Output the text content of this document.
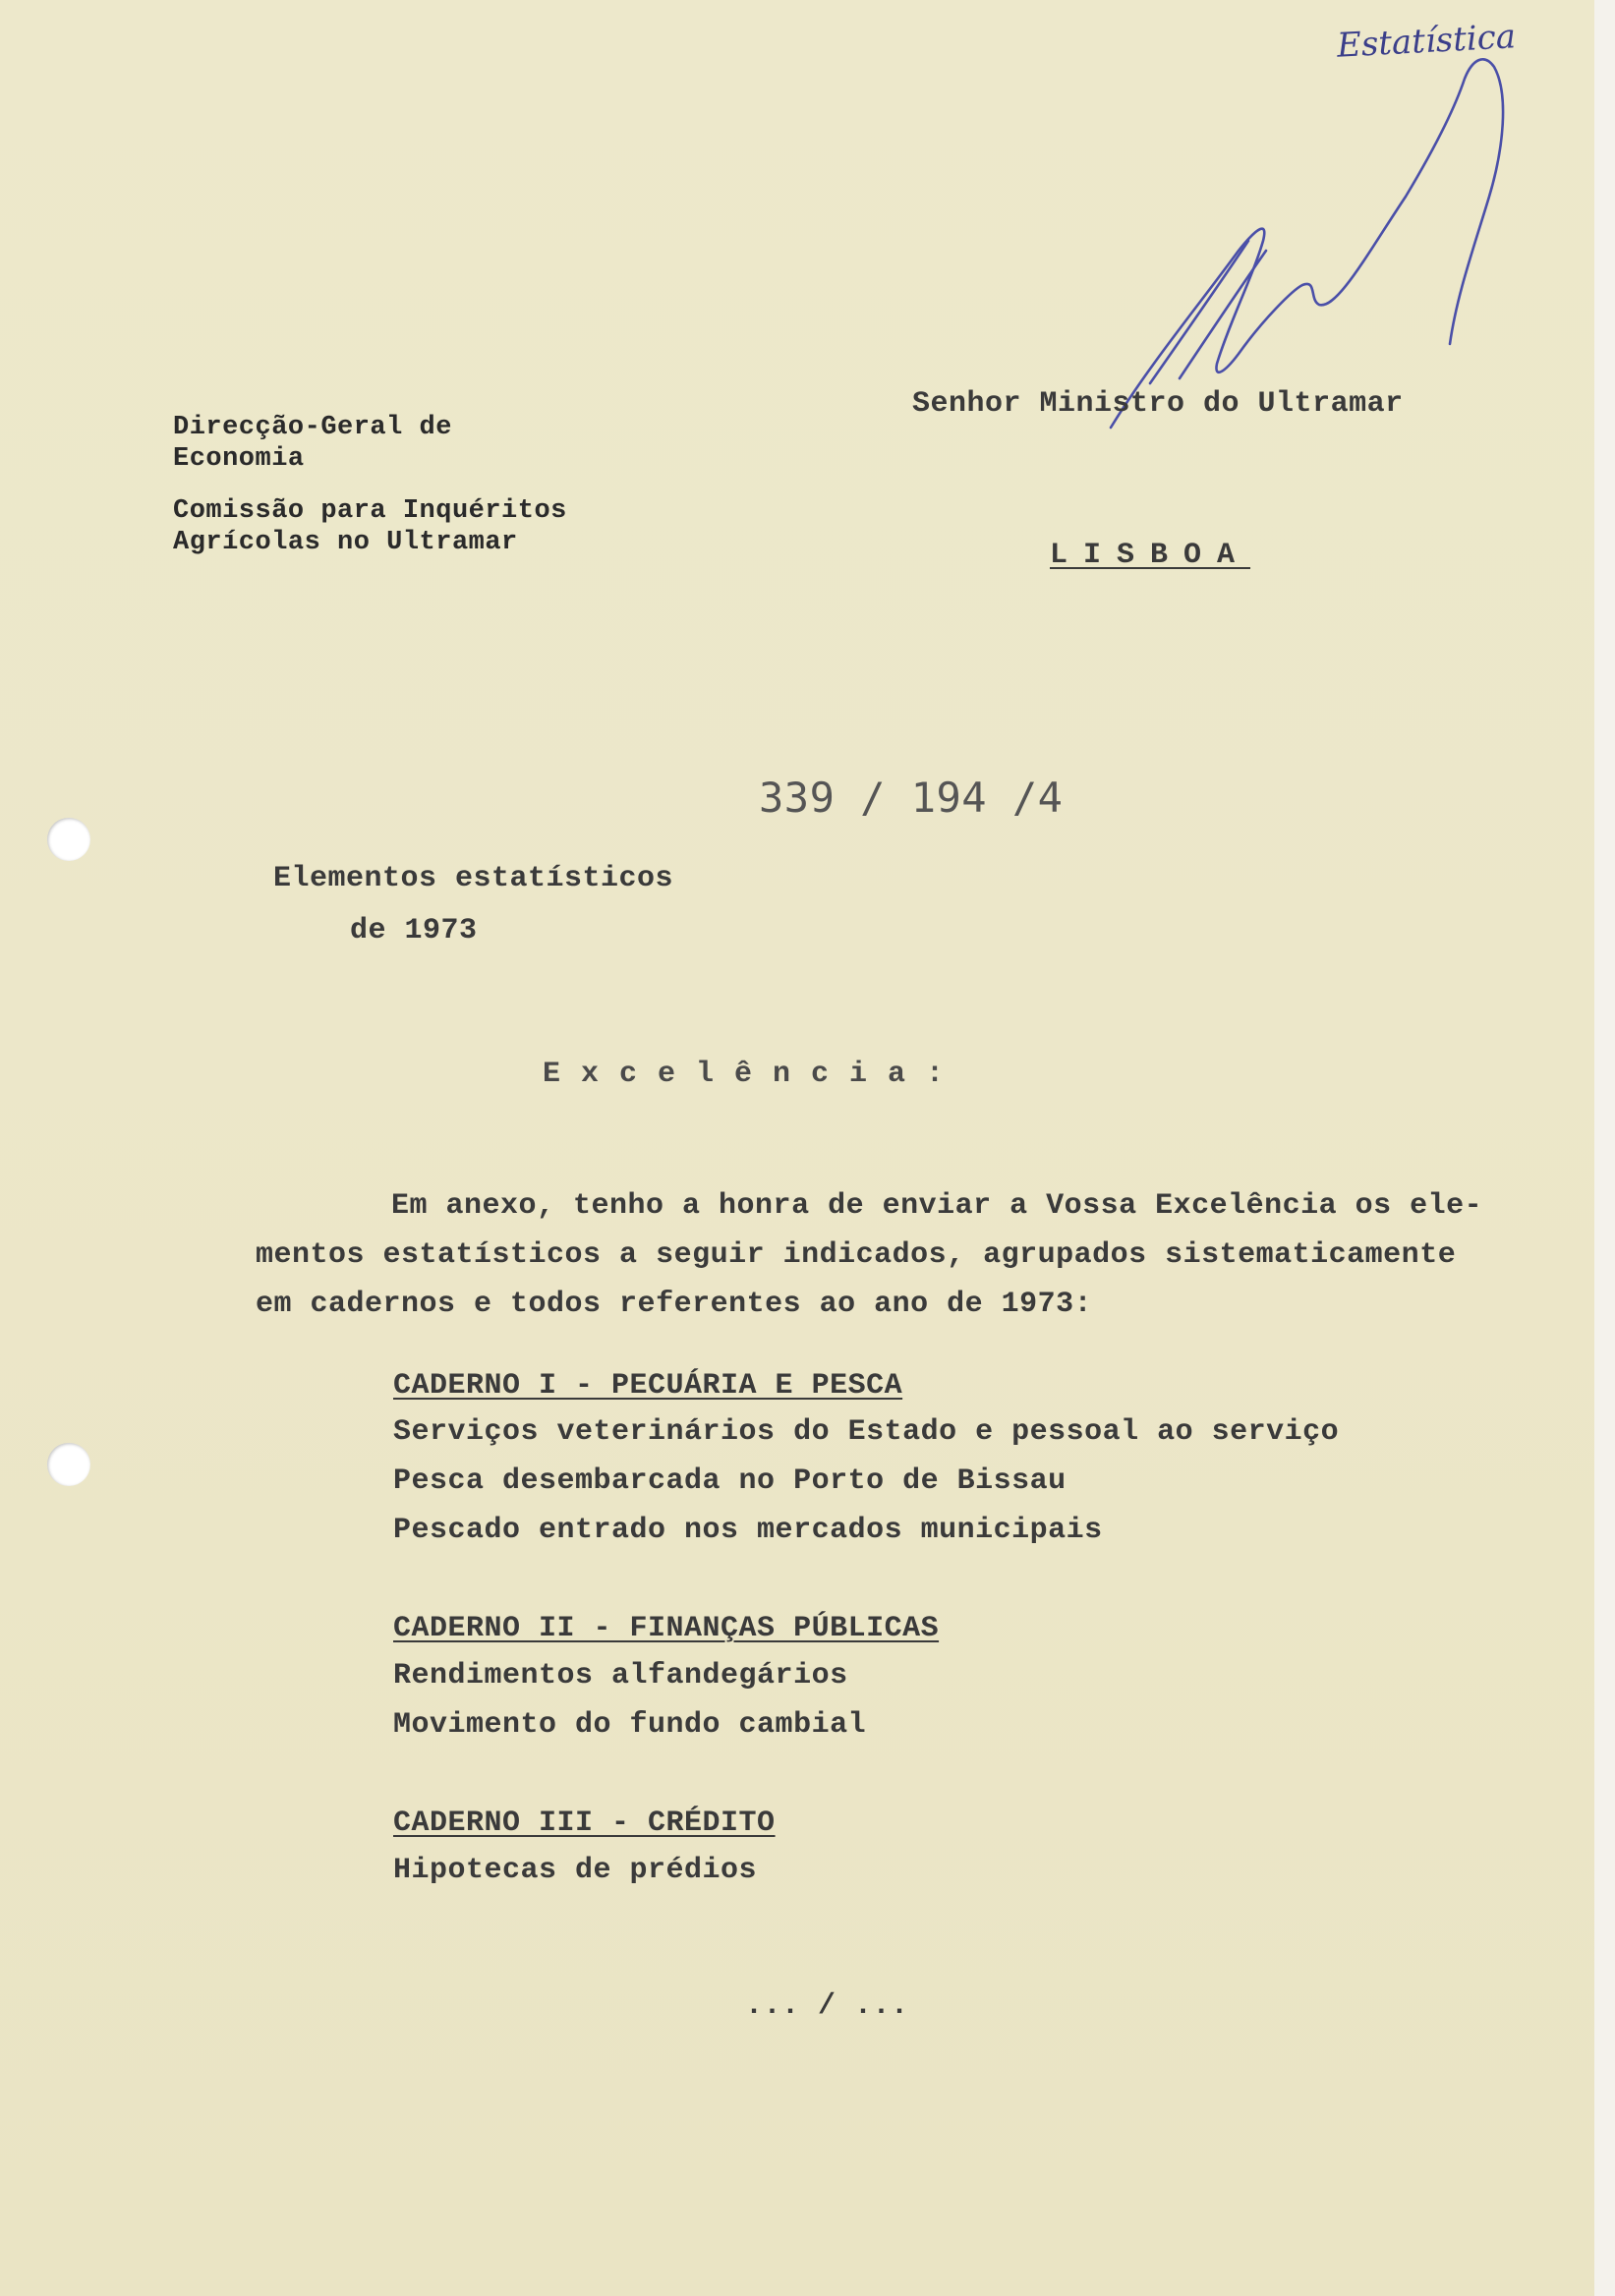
Estatística
Direcção-Geral de
Economia
Comissão para Inquéritos
Agrícolas no Ultramar
Senhor Ministro do Ultramar
LISBOA
339 / 194 /4
Elementos estatísticos
de 1973
Excelência:
Em anexo, tenho a honra de enviar a Vossa Excelência os ele-
mentos estatísticos a seguir indicados, agrupados sistematicamente
em cadernos e todos referentes ao ano de 1973:
CADERNO I - PECUÁRIA E PESCA
Serviços veterinários do Estado e pessoal ao serviço
Pesca desembarcada no Porto de Bissau
Pescado entrado nos mercados municipais
CADERNO II - FINANÇAS PÚBLICAS
Rendimentos alfandegários
Movimento do fundo cambial
CADERNO III - CRÉDITO
Hipotecas de prédios
... / ...
